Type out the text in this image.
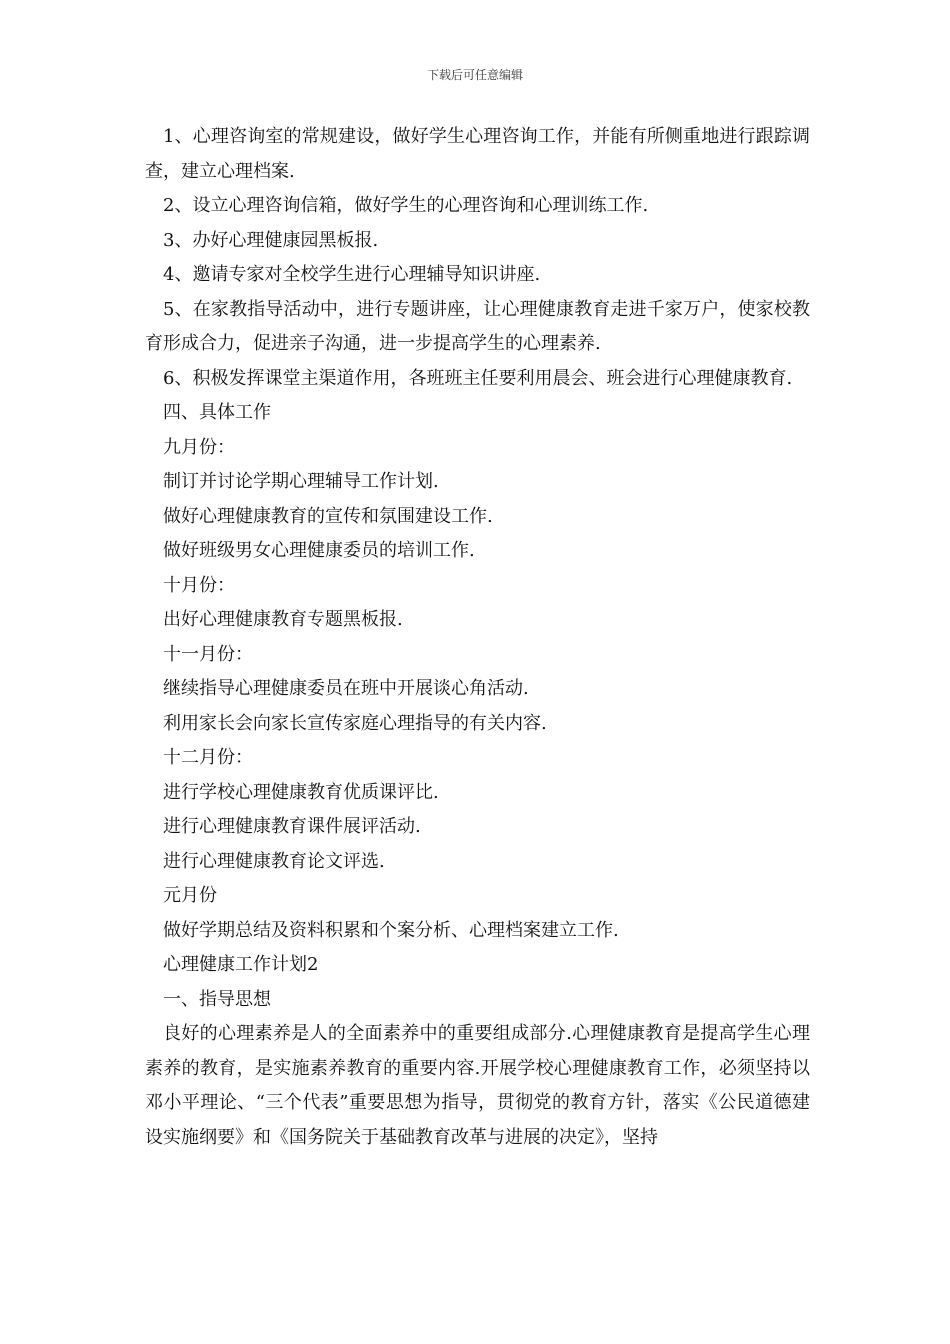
下载后可任意编辑

1、心理咨询室的常规建设，做好学生心理咨询工作，并能有所侧重地进行跟踪调查，建立心理档案.

2、设立心理咨询信箱，做好学生的心理咨询和心理训练工作.

3、办好心理健康园黑板报.

4、邀请专家对全校学生进行心理辅导知识讲座.

5、在家教指导活动中，进行专题讲座，让心理健康教育走进千家万户，使家校教育形成合力，促进亲子沟通，进一步提高学生的心理素养.

6、积极发挥课堂主渠道作用，各班班主任要利用晨会、班会进行心理健康教育.

四、具体工作

九月份：

制订并讨论学期心理辅导工作计划.

做好心理健康教育的宣传和氛围建设工作.

做好班级男女心理健康委员的培训工作.

十月份：

出好心理健康教育专题黑板报.

十一月份：

继续指导心理健康委员在班中开展谈心角活动.

利用家长会向家长宣传家庭心理指导的有关内容.

十二月份：

进行学校心理健康教育优质课评比.

进行心理健康教育课件展评活动.

进行心理健康教育论文评选.

元月份

做好学期总结及资料积累和个案分析、心理档案建立工作.

心理健康工作计划2

一、指导思想

良好的心理素养是人的全面素养中的重要组成部分.心理健康教育是提高学生心理素养的教育，是实施素养教育的重要内容.开展学校心理健康教育工作，必须坚持以邓小平理论、“三个代表”重要思想为指导，贯彻党的教育方针，落实《公民道德建设实施纲要》和《国务院关于基础教育改革与进展的决定》，坚持
